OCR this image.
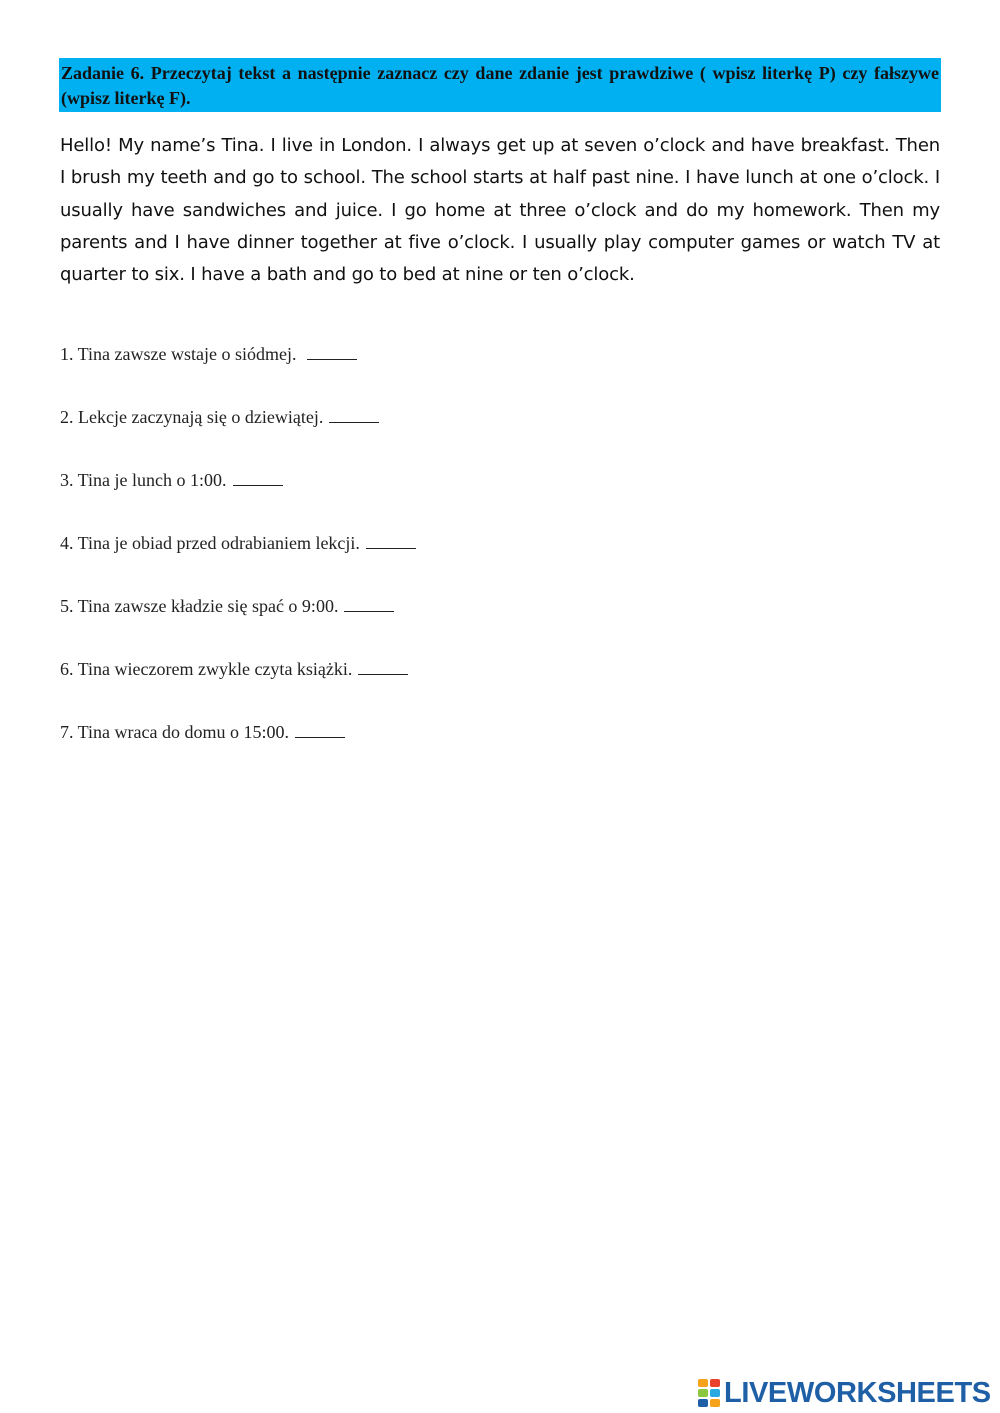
Zadanie 6. Przeczytaj tekst a następnie zaznacz czy dane zdanie jest prawdziwe ( wpisz literkę P) czy fałszywe (wpisz literkę F).

Hello! My name’s Tina. I live in London. I always get up at seven o’clock and have breakfast. Then I brush my teeth and go to school. The school starts at half past nine. I have lunch at one o’clock. I usually have sandwiches and juice. I go home at three o’clock and do my homework. Then my parents and I have dinner together at five o’clock. I usually play computer games or watch TV at quarter to six. I have a bath and go to bed at nine or ten o’clock.

1. Tina zawsze wstaje o siódmej.
2. Lekcje zaczynają się o dziewiątej.
3. Tina je lunch o 1:00.
4. Tina je obiad przed odrabianiem lekcji.
5. Tina zawsze kładzie się spać o 9:00.
6. Tina wieczorem zwykle czyta książki.
7. Tina wraca do domu o 15:00.
LIVEWORKSHEETS
